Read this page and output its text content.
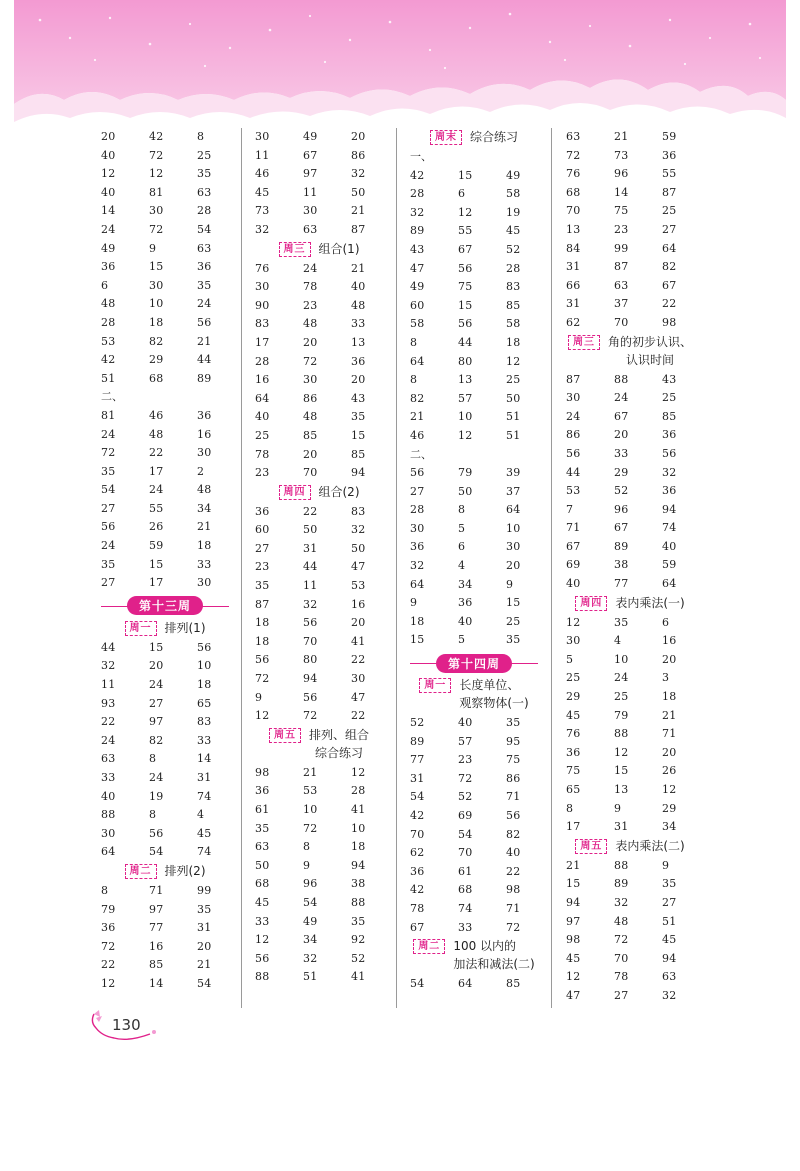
20	42	8
40	72	25
12	12	35
40	81	63
14	30	28
24	72	54
49	9	63
36	15	36
6	30	35
48	10	24
28	18	56
53	82	21
42	29	44
51	68	89
二、
81	46	36
24	48	16
72	22	30
35	17	2
54	24	48
27	55	34
56	26	21
24	59	18
35	15	33
27	17	30
第十三周
周一	排列(1)
44	15	56
32	20	10
11	24	18
93	27	65
22	97	83
24	82	33
63	8	14
33	24	31
40	19	74
88	8	4
30	56	45
64	54	74
周二	排列(2)
8	71	99
79	97	35
36	77	31
72	16	20
22	85	21
12	14	54
30	49	20
11	67	86
46	97	32
45	11	50
73	30	21
32	63	87
周三	组合(1)
76	24	21
30	78	40
90	23	48
83	48	33
17	20	13
28	72	36
16	30	20
64	86	43
40	48	35
25	85	15
78	20	85
23	70	94
周四	组合(2)
36	22	83
60	50	32
27	31	50
23	44	47
35	11	53
87	32	16
18	56	20
18	70	41
56	80	22
72	94	30
9	56	47
12	72	22
周五	排列、组合
综合练习
98	21	12
36	53	28
61	10	41
35	72	10
63	8	18
50	9	94
68	96	38
45	54	88
33	49	35
12	34	92
56	32	52
88	51	41
周末	综合练习
一、
42	15	49
28	6	58
32	12	19
89	55	45
43	67	52
47	56	28
49	75	83
60	15	85
58	56	58
8	44	18
64	80	12
8	13	25
82	57	50
21	10	51
46	12	51
二、
56	79	39
27	50	37
28	8	64
30	5	10
36	6	30
32	4	20
64	34	9
9	36	15
18	40	25
15	5	35
第十四周
周一	长度单位、
观察物体(一)
52	40	35
89	57	95
77	23	75
31	72	86
54	52	71
42	69	56
70	54	82
62	70	40
36	61	22
42	68	98
78	74	71
67	33	72
周二	100 以内的
加法和减法(二)
54	64	85
63	21	59
72	73	36
76	96	55
68	14	87
70	75	25
13	23	27
84	99	64
31	87	82
66	63	67
31	37	22
62	70	98
周三	角的初步认识、
认识时间
87	88	43
30	24	25
24	67	85
86	20	36
56	33	56
44	29	32
53	52	36
7	96	94
71	67	74
67	89	40
69	38	59
40	77	64
周四	表内乘法(一)
12	35	6
30	4	16
5	10	20
25	24	3
29	25	18
45	79	21
76	88	71
36	12	20
75	15	26
65	13	12
8	9	29
17	31	34
周五	表内乘法(二)
21	88	9
15	89	35
94	32	27
97	48	51
98	72	45
45	70	94
12	78	63
47	27	32
130
